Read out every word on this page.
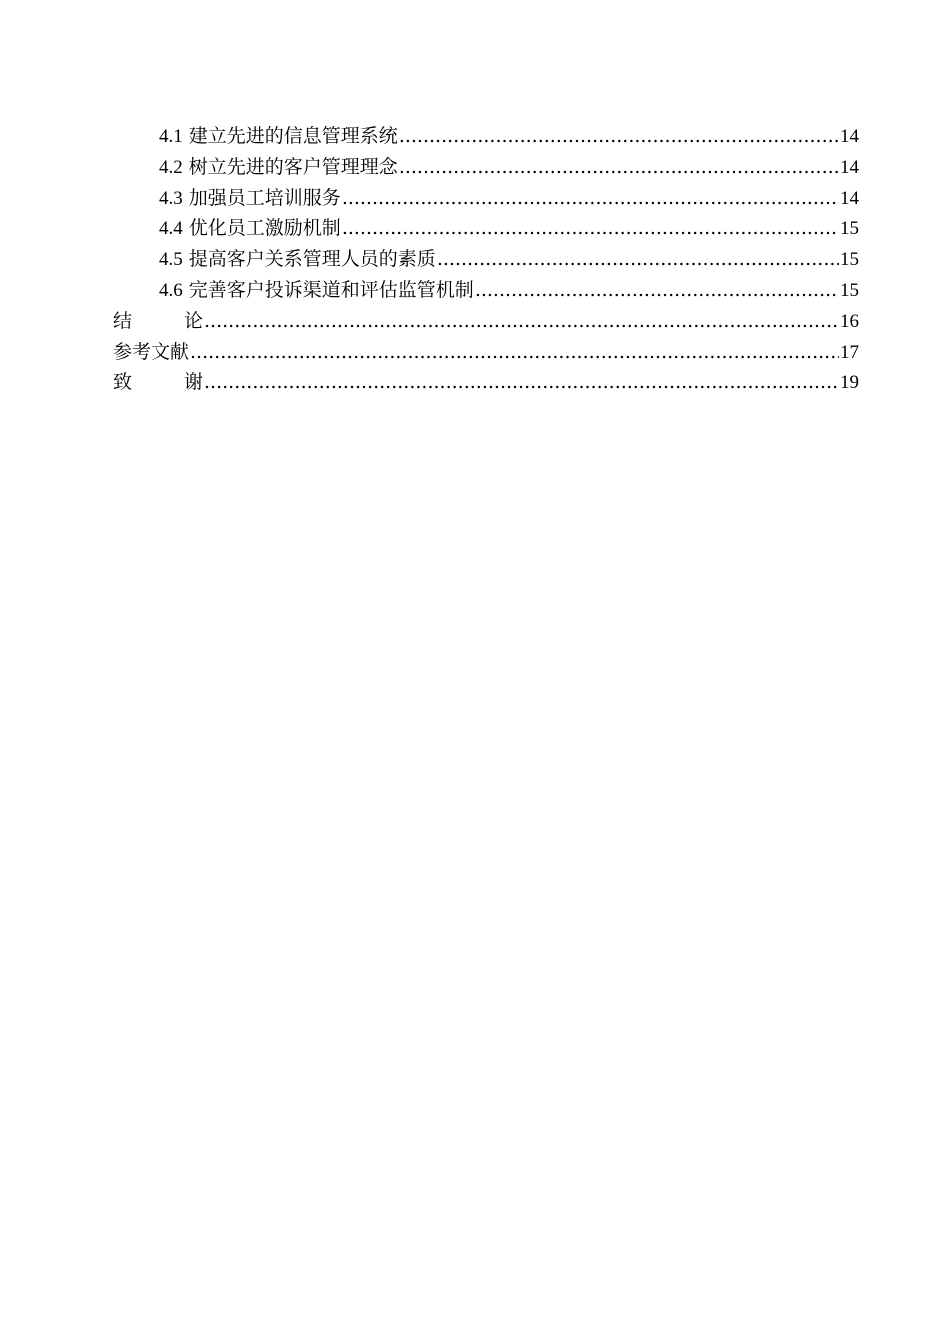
4.1 建立先进的信息管理系统 .....	14
4.2 树立先进的客户管理理念 .....	14
4.3 加强员工培训服务 .....	14
4.4 优化员工激励机制 .....	15
4.5 提高客户关系管理人员的素质 .....	15
4.6 完善客户投诉渠道和评估监管机制 .....	15
结	论 .....	16
参考文献 .....	17
致	谢 .....	19
